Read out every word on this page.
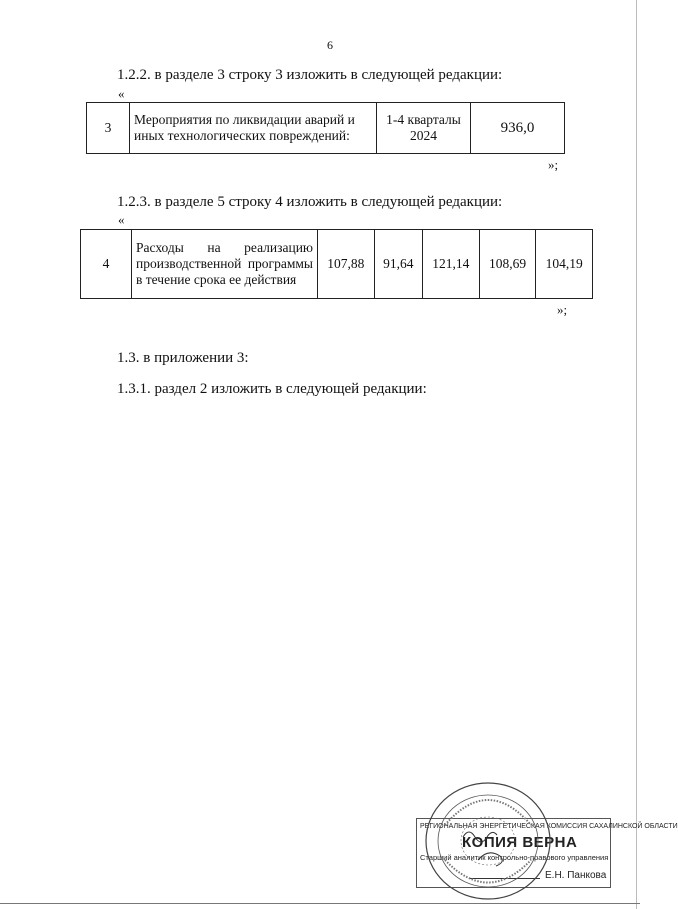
6
1.2.2. в разделе 3 строку 3 изложить в следующей редакции:
«
3	Мероприятия по ликвидации аварий и иных технологических повреждений:	1-4 кварталы 2024	936,0
»;
1.2.3. в разделе 5 строку 4 изложить в следующей редакции:
«
4	Расходы на реализацию производственной программы в течение срока ее действия	107,88	91,64	121,14	108,69	104,19
»;
1.3. в приложении 3:
1.3.1. раздел 2 изложить в следующей редакции:
РЕГИОНАЛЬНАЯ ЭНЕРГЕТИЧЕСКАЯ КОМИССИЯ САХАЛИНСКОЙ ОБЛАСТИ
КОПИЯ ВЕРНА
Старший аналитик контрольно-правового управления
Е.Н. Панкова
